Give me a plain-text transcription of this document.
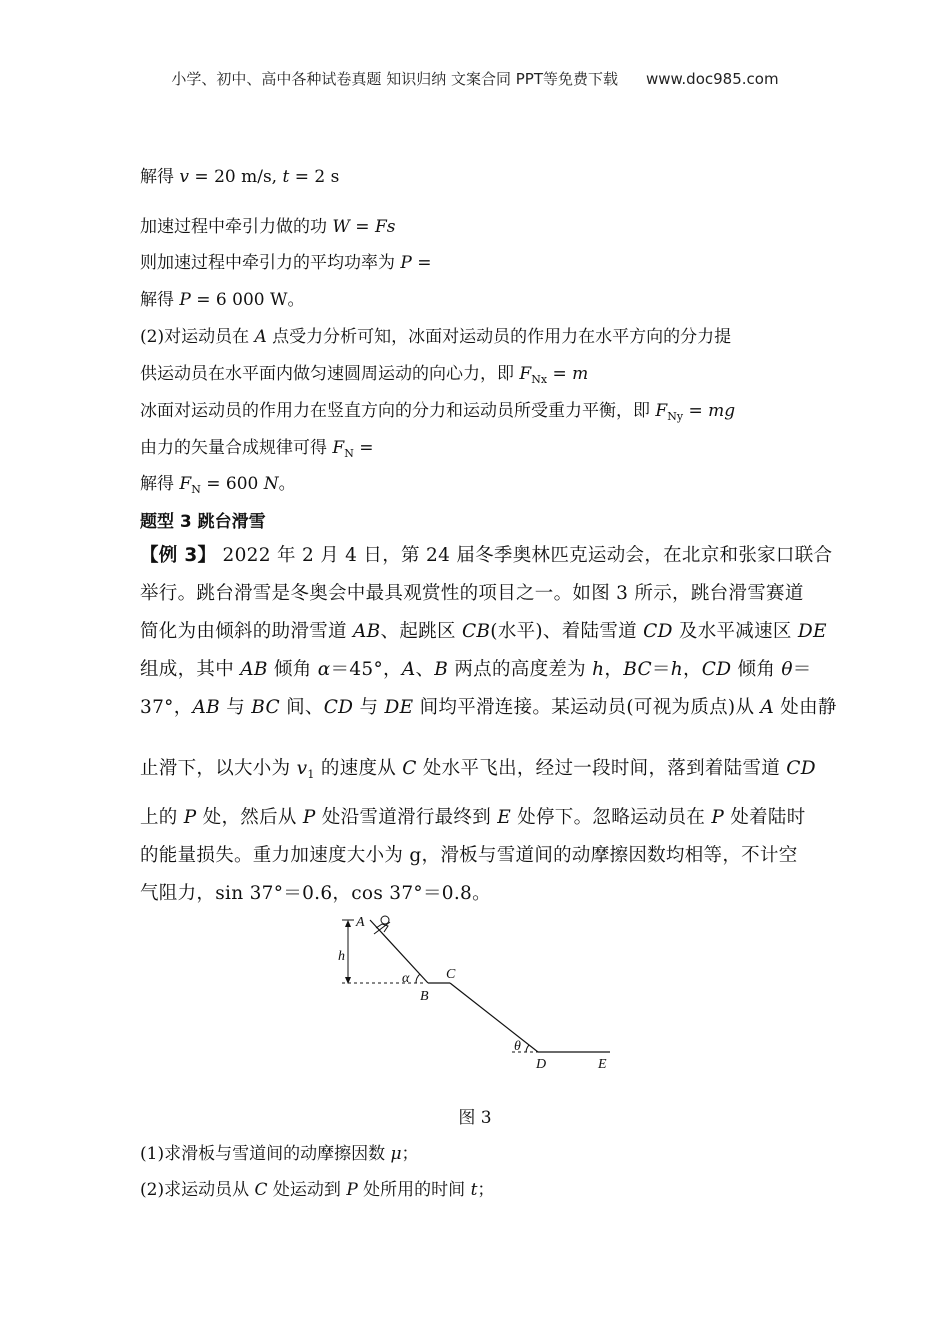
小学、初中、高中各种试卷真题 知识归纳 文案合同 PPT等免费下载 www.doc985.com
解得 v = 20 m/s, t = 2 s
加速过程中牵引力做的功 W = Fs
则加速过程中牵引力的平均功率为 P =
解得 P = 6 000 W。
(2)对运动员在 A 点受力分析可知，冰面对运动员的作用力在水平方向的分力提
供运动员在水平面内做匀速圆周运动的向心力，即 $F_{Nx} = m$
冰面对运动员的作用力在竖直方向的分力和运动员所受重力平衡，即 $F_{Ny}$ = mg
由力的矢量合成规律可得 $F_N$ =
解得 $F_N = 600$ N。
题型 3 跳台滑雪
【例 3】 2022 年 2 月 4 日，第 24 届冬季奥林匹克运动会，在北京和张家口联合
举行。跳台滑雪是冬奥会中最具观赏性的项目之一。如图 3 所示，跳台滑雪赛道
简化为由倾斜的助滑雪道 AB、起跳区 CB(水平)、着陆雪道 CD 及水平减速区 DE
组成，其中 AB 倾角 α＝45°，A、B 两点的高度差为 h，BC＝h，CD 倾角 θ＝
37°，AB 与 BC 间、CD 与 DE 间均平滑连接。某运动员(可视为质点)从 A 处由静
止滑下，以大小为 $v_1$ 的速度从 C 处水平飞出，经过一段时间，落到着陆雪道 CD
上的 P 处，然后从 P 处沿雪道滑行最终到 E 处停下。忽略运动员在 P 处着陆时
的能量损失。重力加速度大小为 g，滑板与雪道间的动摩擦因数均相等，不计空
气阻力，sin 37°＝0.6，cos 37°＝0.8。
A
h
α
B
C
θ
D	E
图 3
(1)求滑板与雪道间的动摩擦因数 μ；
(2)求运动员从 C 处运动到 P 处所用的时间 t；
